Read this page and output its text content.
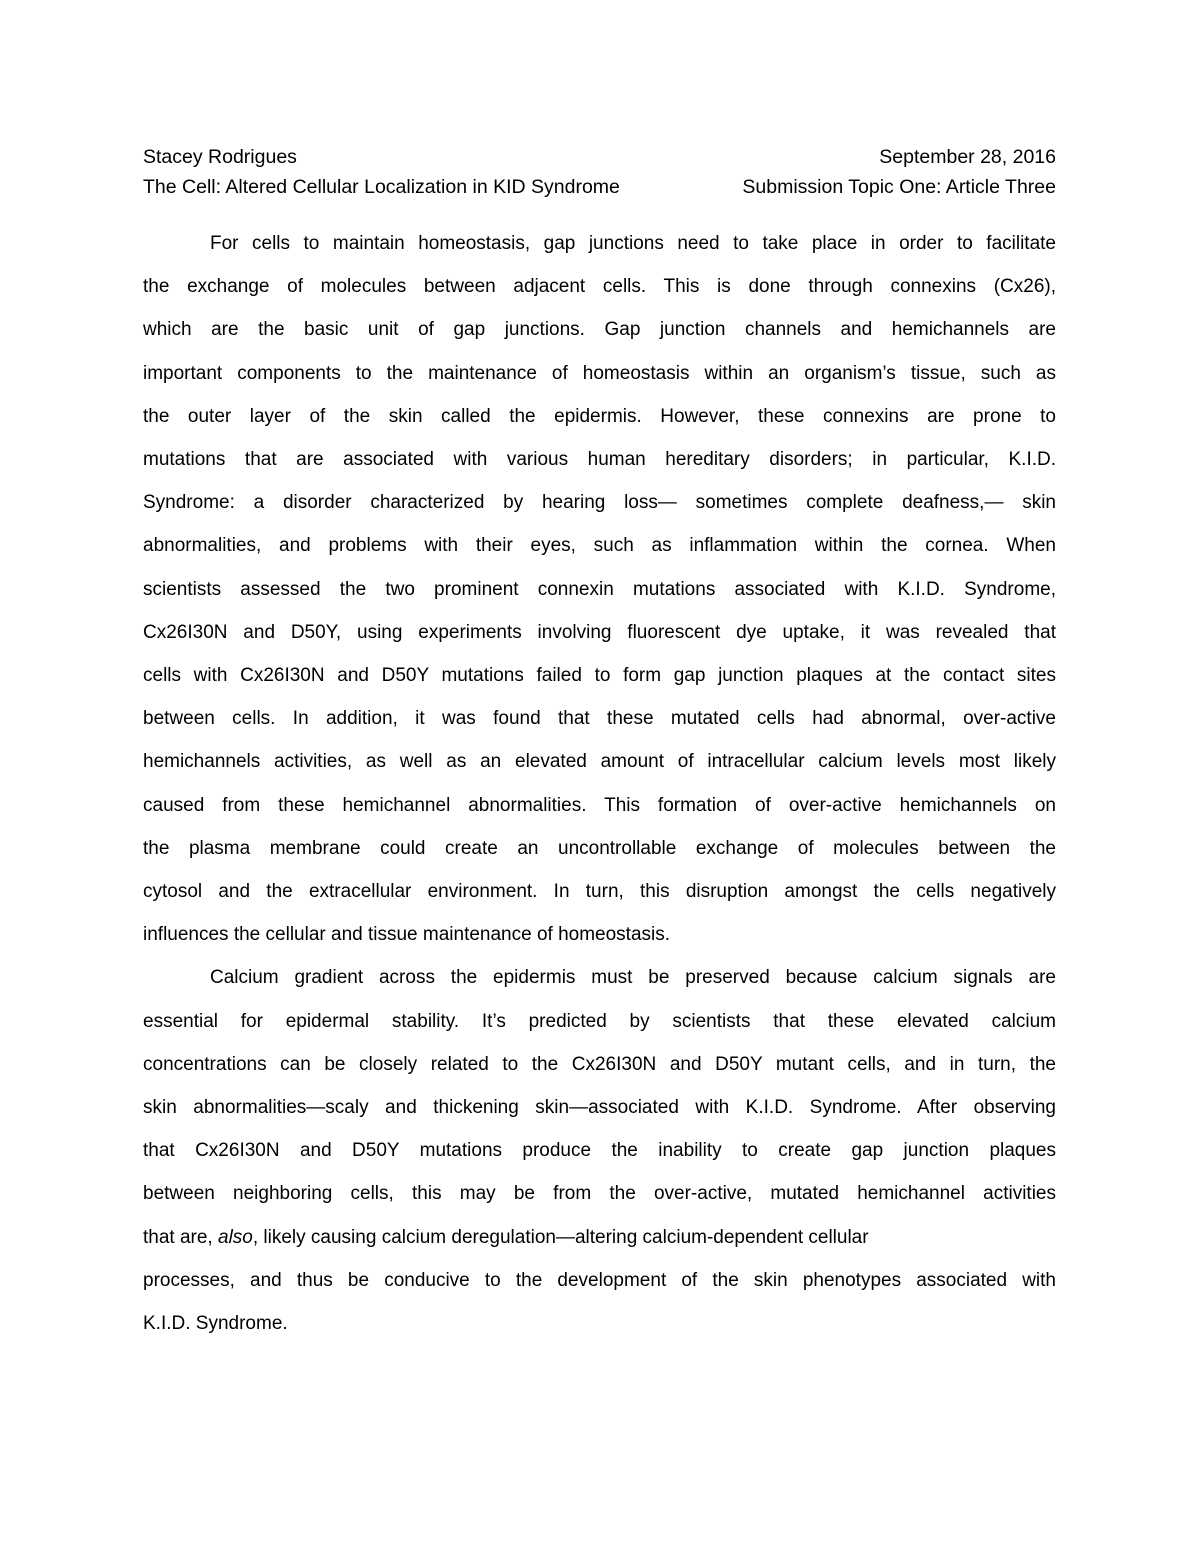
Stacey Rodrigues	September 28, 2016
The Cell: Altered Cellular Localization in KID Syndrome	Submission Topic One: Article Three

For cells to maintain homeostasis, gap junctions need to take place in order to facilitate
the exchange of molecules between adjacent cells. This is done through connexins (Cx26),
which are the basic unit of gap junctions. Gap junction channels and hemichannels are
important components to the maintenance of homeostasis within an organism’s tissue, such as
the outer layer of the skin called the epidermis. However, these connexins are prone to
mutations that are associated with various human hereditary disorders; in particular, K.I.D.
Syndrome: a disorder characterized by hearing loss— sometimes complete deafness,— skin
abnormalities, and problems with their eyes, such as inflammation within the cornea. When
scientists assessed the two prominent connexin mutations associated with K.I.D. Syndrome,
Cx26I30N and D50Y, using experiments involving fluorescent dye uptake, it was revealed that
cells with Cx26I30N and D50Y mutations failed to form gap junction plaques at the contact sites
between cells. In addition, it was found that these mutated cells had abnormal, over-active
hemichannels activities, as well as an elevated amount of intracellular calcium levels most likely
caused from these hemichannel abnormalities. This formation of over-active hemichannels on
the plasma membrane could create an uncontrollable exchange of molecules between the
cytosol and the extracellular environment. In turn, this disruption amongst the cells negatively
influences the cellular and tissue maintenance of homeostasis.

Calcium gradient across the epidermis must be preserved because calcium signals are
essential for epidermal stability. It’s predicted by scientists that these elevated calcium
concentrations can be closely related to the Cx26I30N and D50Y mutant cells, and in turn, the
skin abnormalities—scaly and thickening skin—associated with K.I.D. Syndrome. After observing
that Cx26I30N and D50Y mutations produce the inability to create gap junction plaques
between neighboring cells, this may be from the over-active, mutated hemichannel activities
that are, also, likely causing calcium deregulation—altering calcium-dependent cellular
processes, and thus be conducive to the development of the skin phenotypes associated with
K.I.D. Syndrome.
